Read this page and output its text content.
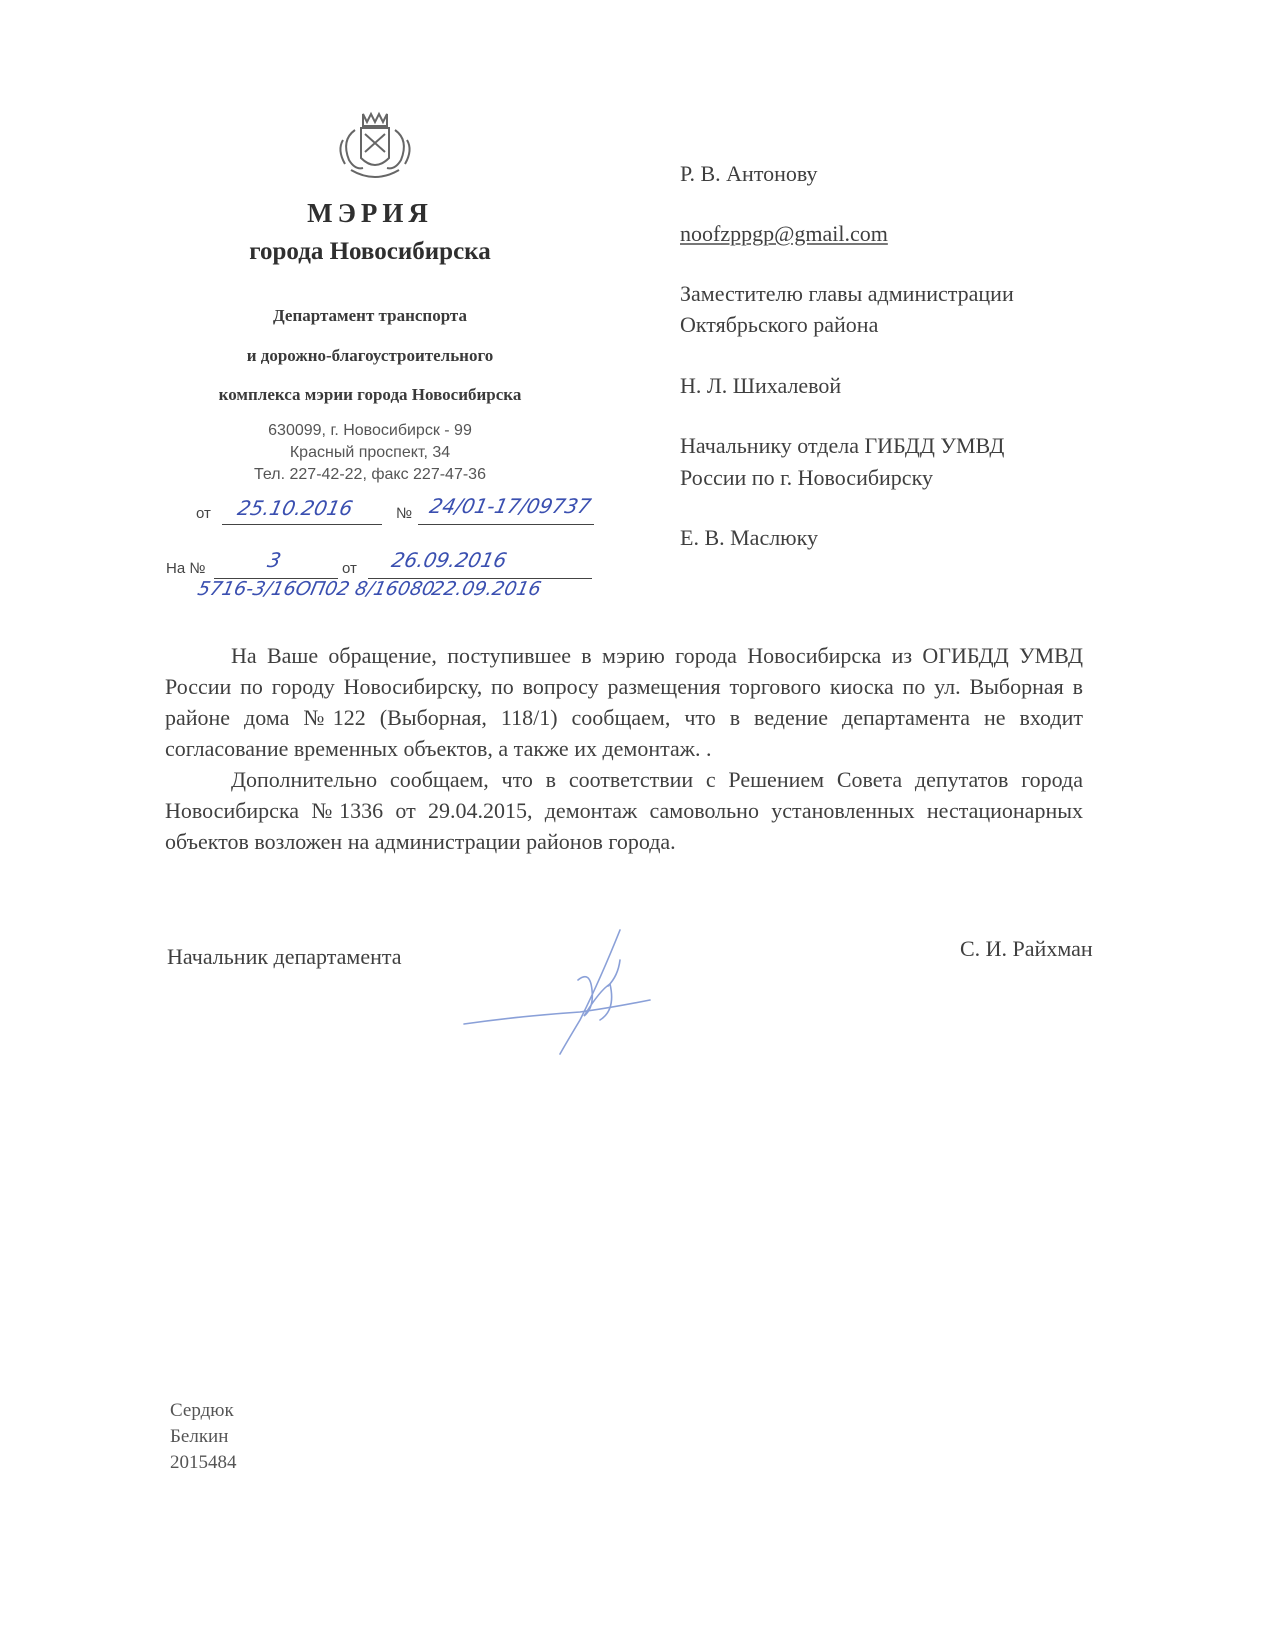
МЭРИЯ
города Новосибирска
Департамент транспорта
и дорожно-благоустроительного
комплекса мэрии города Новосибирска
630099, г. Новосибирск - 99
Красный проспект, 34
Тел. 227-42-22, факс 227-47-36
от 25.10.2016	№ 24/01-17/09737
На №	3	от 26.09.2016
5716-3/16ОП02 8/16080
22.09.2016
Р. В. Антонову
noofzppgp@gmail.com
Заместителю главы администрации
Октябрьского района
Н. Л. Шихалевой
Начальнику отдела ГИБДД УМВД
России по г. Новосибирску
Е. В. Маслюку

На Ваше обращение, поступившее в мэрию города Новосибирска из ОГИБДД УМВД России по городу Новосибирску, по вопросу размещения торгового киоска по ул. Выборная в районе дома №122 (Выборная, 118/1) сообщаем, что в ведение департамента не входит согласование временных объектов, а также их демонтаж. .

Дополнительно сообщаем, что в соответствии с Решением Совета депутатов города Новосибирска №1336 от 29.04.2015, демонтаж самовольно установленных нестационарных объектов возложен на администрации районов города.

Начальник департамента	С. И. Райхман
Сердюк
Белкин
2015484
